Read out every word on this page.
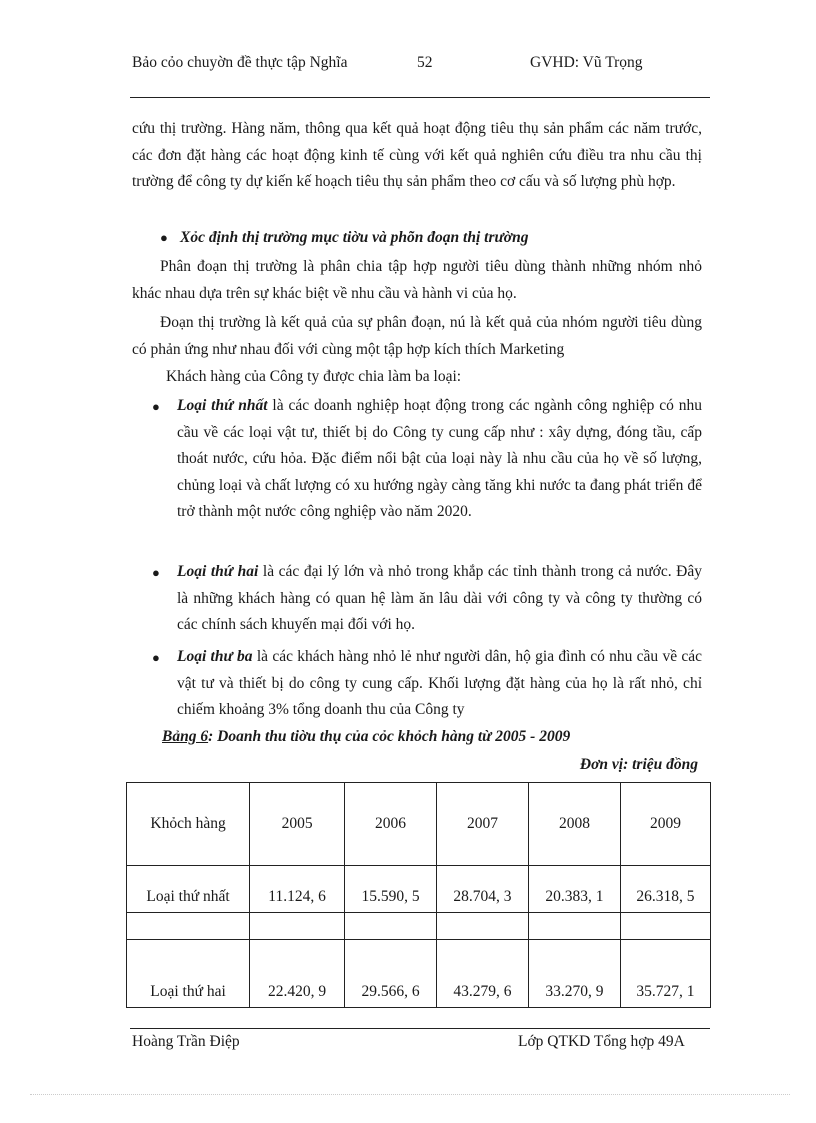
Bảo cỏo chuyờn đề thực tập Nghĩa	52	GVHD: Vũ Trọng
cứu thị trường. Hàng năm, thông qua kết quả hoạt động tiêu thụ sản phẩm các năm trước, các đơn đặt hàng các hoạt động kinh tế cùng với kết quả nghiên cứu điều tra nhu cầu thị trường để công ty dự kiến kế hoạch tiêu thụ sản phẩm theo cơ cấu và số lượng phù hợp.
● Xỏc định thị trường mục tiờu và phõn đoạn thị trường
Phân đoạn thị trường là phân chia tập hợp người tiêu dùng thành những nhóm nhỏ khác nhau dựa trên sự khác biệt về nhu cầu và hành vi của họ.
Đoạn thị trường là kết quả của sự phân đoạn, nú là kết quả của nhóm người tiêu dùng có phản ứng như nhau đối với cùng một tập hợp kích thích Marketing
Khách hàng của Công ty được chia làm ba loại:
● Loại thứ nhất là các doanh nghiệp hoạt động trong các ngành công nghiệp có nhu cầu về các loại vật tư, thiết bị do Công ty cung cấp như : xây dựng, đóng tầu, cấp thoát nước, cứu hỏa. Đặc điểm nổi bật của loại này là nhu cầu của họ về số lượng, chủng loại và chất lượng có xu hướng ngày càng tăng khi nước ta đang phát triển để trở thành một nước công nghiệp vào năm 2020.
● Loại thứ hai là các đại lý lớn và nhỏ trong khắp các tỉnh thành trong cả nước. Đây là những khách hàng có quan hệ làm ăn lâu dài với công ty và công ty thường có các chính sách khuyến mại đối với họ.
● Loại thư ba là các khách hàng nhỏ lẻ như người dân, hộ gia đình có nhu cầu về các vật tư và thiết bị do công ty cung cấp. Khối lượng đặt hàng của họ là rất nhỏ, chỉ chiếm khoảng 3% tổng doanh thu của Công ty
Bảng 6: Doanh thu tiờu thụ của cỏc khỏch hàng từ 2005 - 2009
Đơn vị: triệu đồng
Khỏch hàng	2005	2006	2007	2008	2009
Loại thứ nhất	11.124, 6	15.590, 5	28.704, 3	20.383, 1	26.318, 5

Loại thứ hai	22.420, 9	29.566, 6	43.279, 6	33.270, 9	35.727, 1
Hoàng Trần Điệp	Lớp QTKD Tổng hợp 49A
